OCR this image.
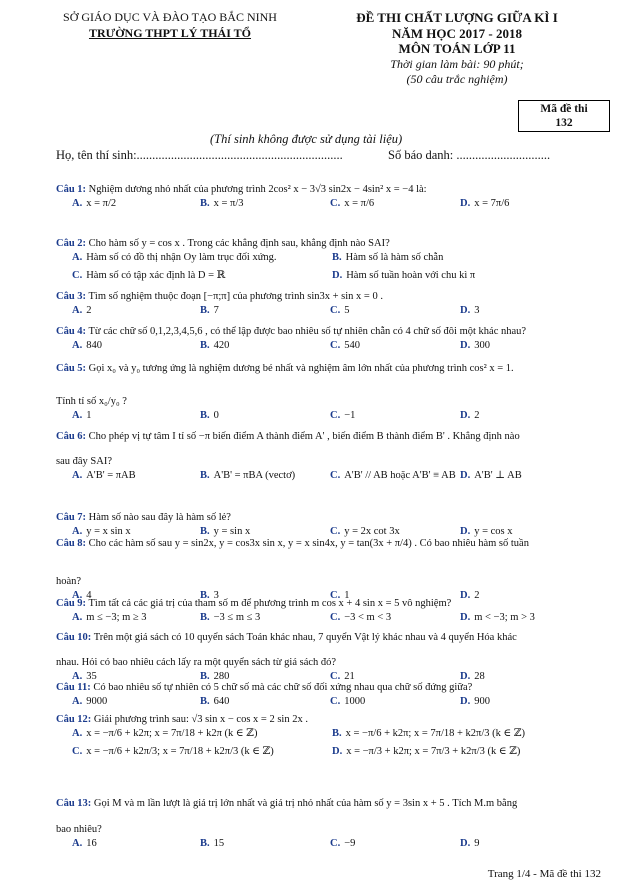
SỞ GIÁO DỤC VÀ ĐÀO TẠO BẮC NINH
TRƯỜNG THPT LÝ THÁI TỔ
ĐỀ THI CHẤT LƯỢNG GIỮA KÌ I
NĂM HỌC 2017 - 2018
MÔN TOÁN LỚP 11
Thời gian làm bài: 90 phút;
(50 câu trắc nghiệm)
Mã đề thi
132
(Thí sinh không được sử dụng tài liệu)
Họ, tên thí sinh:..................................................................	Số báo danh: ..............................
Câu 1: Nghiệm dương nhỏ nhất của phương trình 2cos² x − 3√3 sin2x − 4sin² x = −4 là:
A. x = π/2	B. x = π/3	C. x = π/6	D. x = 7π/6
Câu 2: Cho hàm số y = cos x . Trong các khẳng định sau, khẳng định nào SAI?
A. Hàm số có đồ thị nhận Oy làm trục đối xứng.	B. Hàm số là hàm số chẵn
C. Hàm số có tập xác định là D = ℝ	D. Hàm số tuần hoàn với chu kì π
Câu 3: Tìm số nghiệm thuộc đoạn [−π;π] của phương trình sin3x + sin x = 0 .
A. 2	B. 7	C. 5	D. 3
Câu 4: Từ các chữ số 0,1,2,3,4,5,6 , có thể lập được bao nhiêu số tự nhiên chẵn có 4 chữ số đôi một khác nhau?
A. 840	B. 420	C. 540	D. 300
Câu 5: Gọi x₀ và y₀ tương ứng là nghiệm dương bé nhất và nghiệm âm lớn nhất của phương trình cos² x = 1.
Tính tỉ số x₀/y₀ ?
A. 1	B. 0	C. −1	D. 2
Câu 6: Cho phép vị tự tâm I tỉ số −π biến điểm A thành điểm A' , biến điểm B thành điểm B' . Khẳng định nào
sau đây SAI?
A. A'B' = πAB	B. A'B' = πBA (vectơ)	C. A'B' // AB hoặc A'B' ≡ AB D. A'B' ⊥ AB
Câu 7: Hàm số nào sau đây là hàm số lẻ?
A. y = x sin x	B. y = sin x	C. y = 2x cot 3x	D. y = cos x
Câu 8: Cho các hàm số sau y = sin2x, y = cos3x sin x, y = x sin4x, y = tan(3x + π/4) . Có bao nhiêu hàm số tuần
hoàn?
A. 4	B. 3	C. 1	D. 2
Câu 9: Tìm tất cả các giá trị của tham số m để phương trình m cos x + 4 sin x = 5 vô nghiệm?
A. m ≤ −3; m ≥ 3	B. −3 ≤ m ≤ 3	C. −3 < m < 3	D. m < −3; m > 3
Câu 10: Trên một giá sách có 10 quyển sách Toán khác nhau, 7 quyển Vật lý khác nhau và 4 quyển Hóa khác
nhau. Hỏi có bao nhiêu cách lấy ra một quyển sách từ giá sách đó?
A. 35	B. 280	C. 21	D. 28
Câu 11: Có bao nhiêu số tự nhiên có 5 chữ số mà các chữ số đối xứng nhau qua chữ số đứng giữa?
A. 9000	B. 640	C. 1000	D. 900
Câu 12: Giải phương trình sau: √3 sin x − cos x = 2 sin 2x .
A. x = −π/6 + k2π; x = 7π/18 + k2π (k ∈ ℤ)	B. x = −π/6 + k2π; x = 7π/18 + k2π/3 (k ∈ ℤ)
C. x = −π/6 + k2π/3; x = 7π/18 + k2π/3 (k ∈ ℤ)	D. x = −π/3 + k2π; x = 7π/3 + k2π/3 (k ∈ ℤ)
Câu 13: Gọi M và m lần lượt là giá trị lớn nhất và giá trị nhỏ nhất của hàm số y = 3sin x + 5 . Tích M.m bằng
bao nhiêu?
A. 16	B. 15	C. −9	D. 9
Trang 1/4 - Mã đề thi 132
